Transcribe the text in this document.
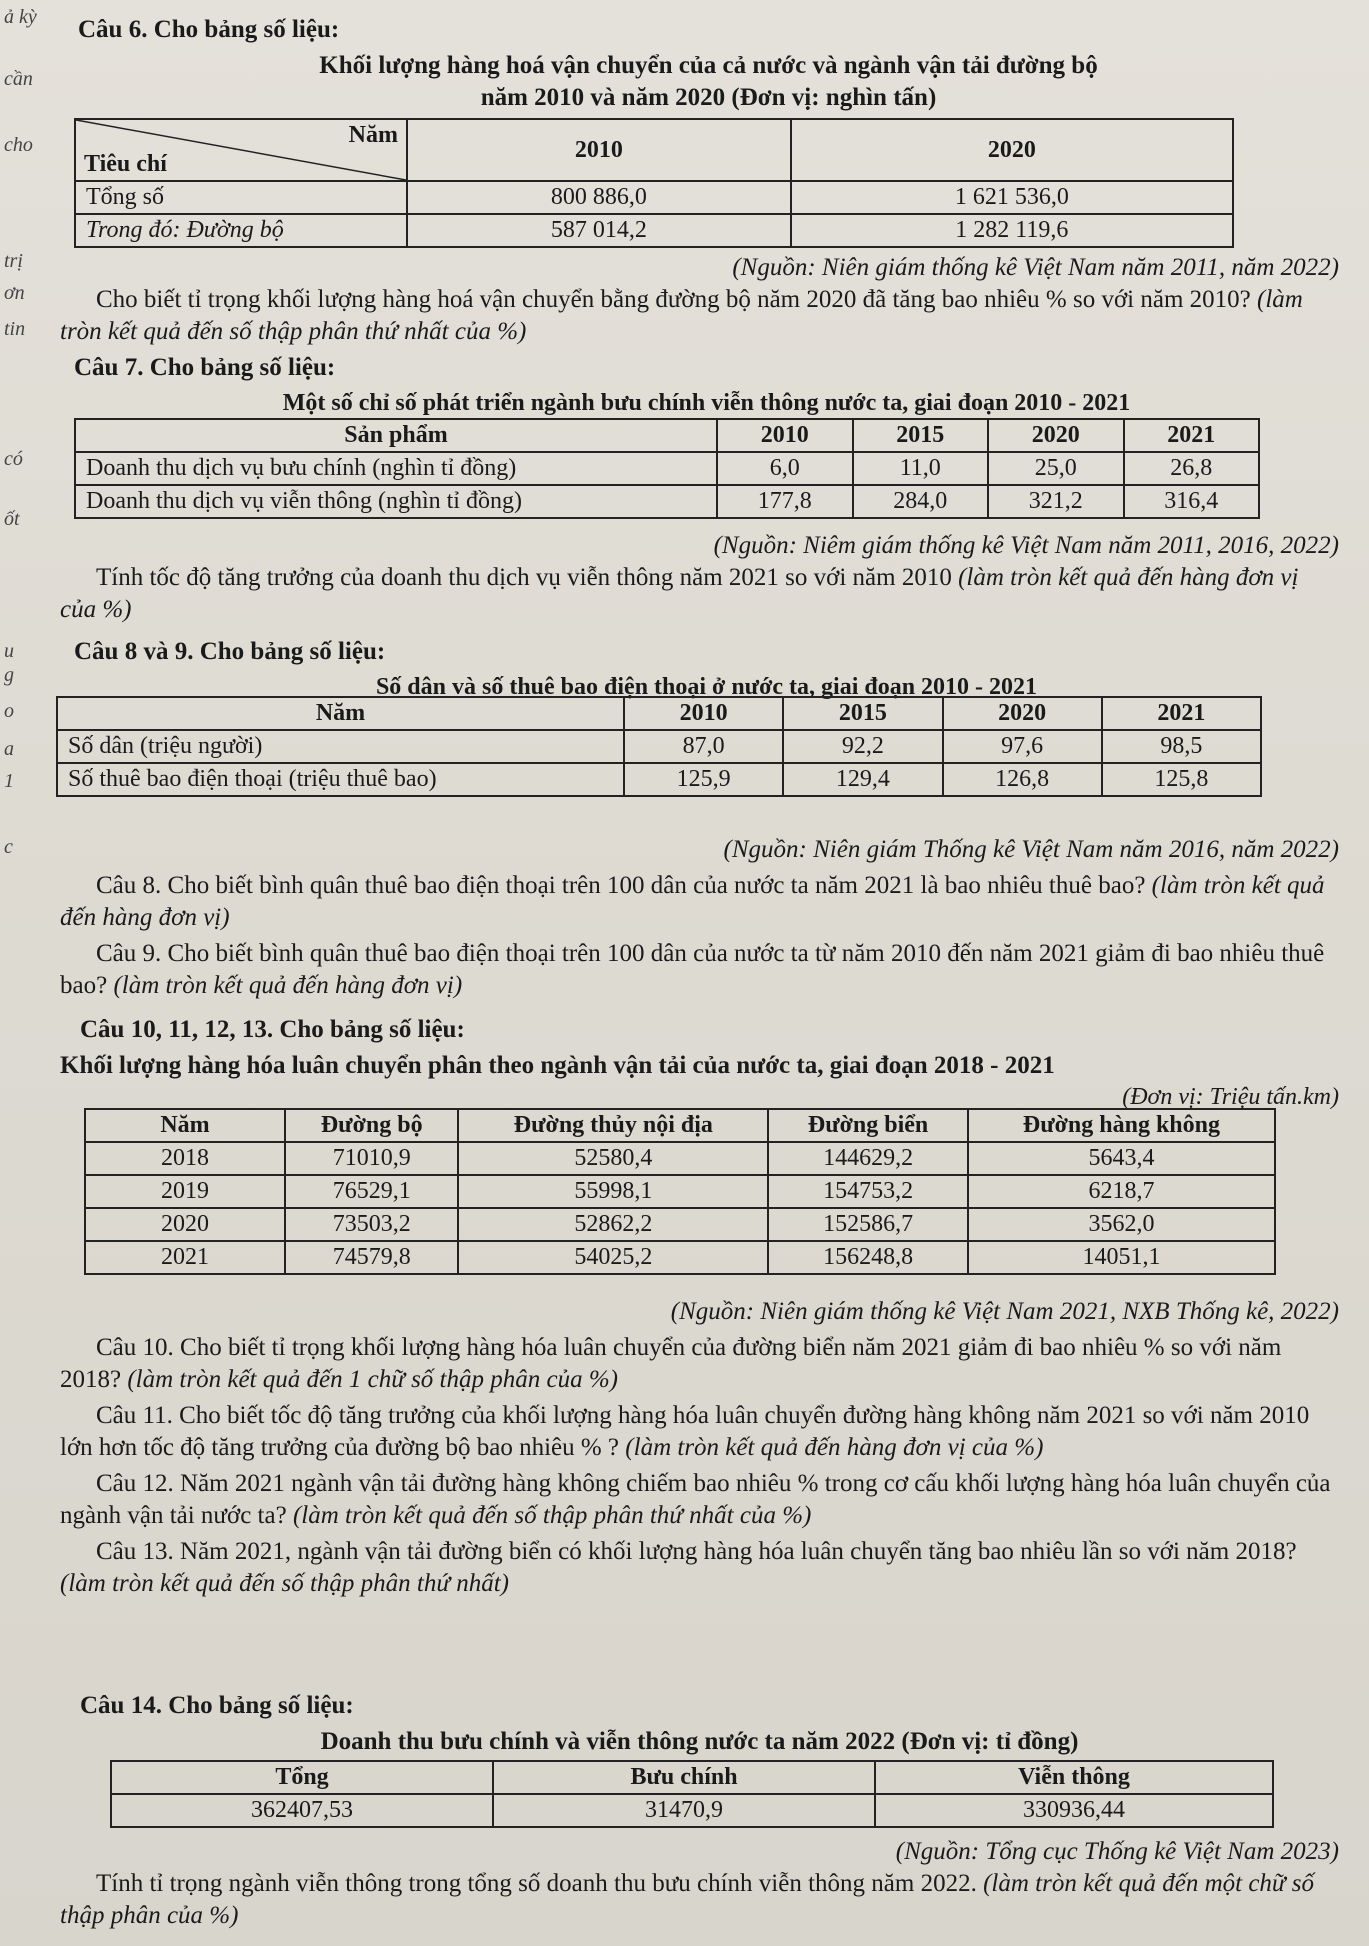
ả kỳ
cần
cho
trị
ơn
tin
có
ốt
u
g
o
a
1
c
Câu 6. Cho bảng số liệu:
Khối lượng hàng hoá vận chuyển của cả nước và ngành vận tải đường bộ
năm 2010 và năm 2020 (Đơn vị: nghìn tấn)
Năm
Tiêu chí	2010	2020
Tổng số	800 886,0	1 621 536,0
Trong đó: Đường bộ	587 014,2	1 282 119,6
(Nguồn: Niên giám thống kê Việt Nam năm 2011, năm 2022)
Cho biết tỉ trọng khối lượng hàng hoá vận chuyển bằng đường bộ năm 2020 đã tăng bao nhiêu % so với năm 2010? (làm tròn kết quả đến số thập phân thứ nhất của %)
Câu 7. Cho bảng số liệu:
Một số chỉ số phát triển ngành bưu chính viễn thông nước ta, giai đoạn 2010 - 2021
Sản phẩm	2010	2015	2020	2021
Doanh thu dịch vụ bưu chính (nghìn tỉ đồng)	6,0	11,0	25,0	26,8
Doanh thu dịch vụ viễn thông (nghìn tỉ đồng)	177,8	284,0	321,2	316,4
(Nguồn: Niêm giám thống kê Việt Nam năm 2011, 2016, 2022)
Tính tốc độ tăng trưởng của doanh thu dịch vụ viễn thông năm 2021 so với năm 2010 (làm tròn kết quả đến hàng đơn vị của %)
Câu 8 và 9. Cho bảng số liệu:
Số dân và số thuê bao điện thoại ở nước ta, giai đoạn 2010 - 2021
Năm	2010	2015	2020	2021
Số dân (triệu người)	87,0	92,2	97,6	98,5
Số thuê bao điện thoại (triệu thuê bao)	125,9	129,4	126,8	125,8
(Nguồn: Niên giám Thống kê Việt Nam năm 2016, năm 2022)
Câu 8. Cho biết bình quân thuê bao điện thoại trên 100 dân của nước ta năm 2021 là bao nhiêu thuê bao? (làm tròn kết quả đến hàng đơn vị)
Câu 9. Cho biết bình quân thuê bao điện thoại trên 100 dân của nước ta từ năm 2010 đến năm 2021 giảm đi bao nhiêu thuê bao? (làm tròn kết quả đến hàng đơn vị)
Câu 10, 11, 12, 13. Cho bảng số liệu:
Khối lượng hàng hóa luân chuyển phân theo ngành vận tải của nước ta, giai đoạn 2018 - 2021
(Đơn vị: Triệu tấn.km)
Năm	Đường bộ	Đường thủy nội địa	Đường biển	Đường hàng không
2018	71010,9	52580,4	144629,2	5643,4
2019	76529,1	55998,1	154753,2	6218,7
2020	73503,2	52862,2	152586,7	3562,0
2021	74579,8	54025,2	156248,8	14051,1
(Nguồn: Niên giám thống kê Việt Nam 2021, NXB Thống kê, 2022)
Câu 10. Cho biết tỉ trọng khối lượng hàng hóa luân chuyển của đường biển năm 2021 giảm đi bao nhiêu % so với năm 2018? (làm tròn kết quả đến 1 chữ số thập phân của %)
Câu 11. Cho biết tốc độ tăng trưởng của khối lượng hàng hóa luân chuyển đường hàng không năm 2021 so với năm 2010 lớn hơn tốc độ tăng trưởng của đường bộ bao nhiêu % ? (làm tròn kết quả đến hàng đơn vị của %)
Câu 12. Năm 2021 ngành vận tải đường hàng không chiếm bao nhiêu % trong cơ cấu khối lượng hàng hóa luân chuyển của ngành vận tải nước ta? (làm tròn kết quả đến số thập phân thứ nhất của %)
Câu 13. Năm 2021, ngành vận tải đường biển có khối lượng hàng hóa luân chuyển tăng bao nhiêu lần so với năm 2018? (làm tròn kết quả đến số thập phân thứ nhất)
Câu 14. Cho bảng số liệu:
Doanh thu bưu chính và viễn thông nước ta năm 2022 (Đơn vị: tỉ đồng)
Tổng	Bưu chính	Viễn thông
362407,53	31470,9	330936,44
(Nguồn: Tổng cục Thống kê Việt Nam 2023)
Tính tỉ trọng ngành viễn thông trong tổng số doanh thu bưu chính viễn thông năm 2022. (làm tròn kết quả đến một chữ số thập phân của %)
